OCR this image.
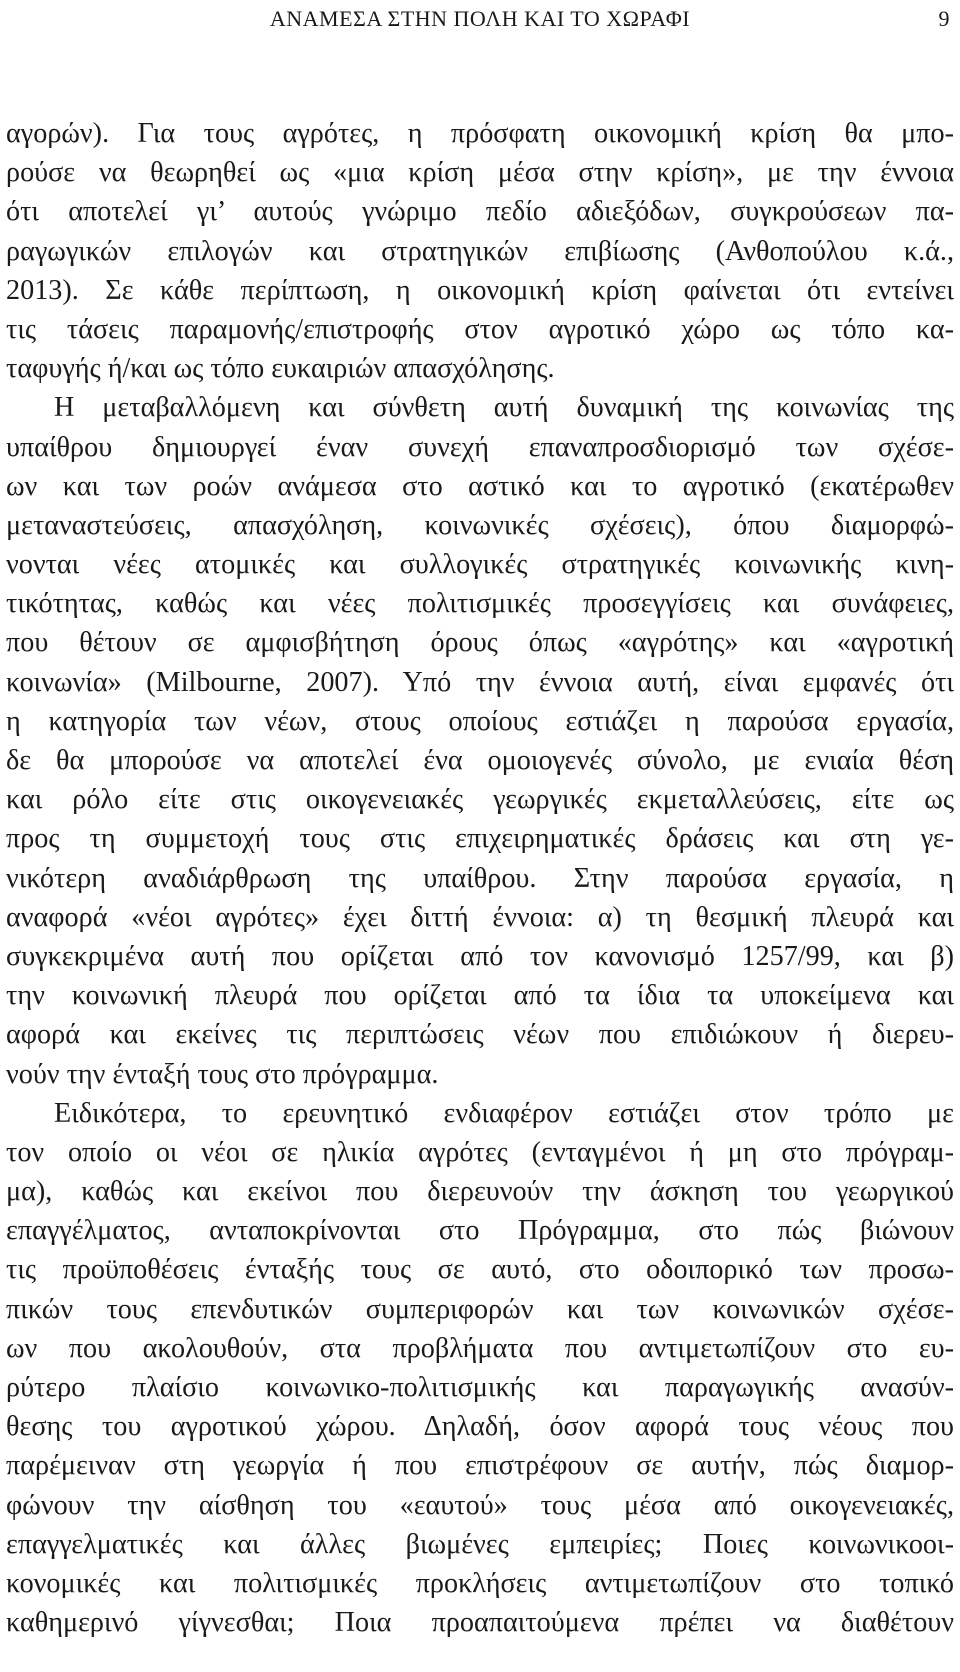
ΑΝΑΜΕΣΑ ΣΤΗΝ ΠΟΛΗ ΚΑΙ ΤΟ ΧΩΡΑΦΙ	9
αγορών). Για τους αγρότες, η πρόσφατη οικονομική κρίση θα μπο-
ρούσε να θεωρηθεί ως «μια κρίση μέσα στην κρίση», με την έννοια
ότι αποτελεί γι’ αυτούς γνώριμο πεδίο αδιεξόδων, συγκρούσεων πα-
ραγωγικών επιλογών και στρατηγικών επιβίωσης (Ανθοπούλου κ.ά.,
2013). Σε κάθε περίπτωση, η οικονομική κρίση φαίνεται ότι εντείνει
τις τάσεις παραμονής/επιστροφής στον αγροτικό χώρο ως τόπο κα-
ταφυγής ή/και ως τόπο ευκαιριών απασχόλησης.
Η μεταβαλλόμενη και σύνθετη αυτή δυναμική της κοινωνίας της
υπαίθρου δημιουργεί έναν συνεχή επαναπροσδιορισμό των σχέσε-
ων και των ροών ανάμεσα στο αστικό και το αγροτικό (εκατέρωθεν
μεταναστεύσεις, απασχόληση, κοινωνικές σχέσεις), όπου διαμορφώ-
νονται νέες ατομικές και συλλογικές στρατηγικές κοινωνικής κινη-
τικότητας, καθώς και νέες πολιτισμικές προσεγγίσεις και συνάφειες,
που θέτουν σε αμφισβήτηση όρους όπως «αγρότης» και «αγροτική
κοινωνία» (Milbourne, 2007). Υπό την έννοια αυτή, είναι εμφανές ότι
η κατηγορία των νέων, στους οποίους εστιάζει η παρούσα εργασία,
δε θα μπορούσε να αποτελεί ένα ομοιογενές σύνολο, με ενιαία θέση
και ρόλο είτε στις οικογενειακές γεωργικές εκμεταλλεύσεις, είτε ως
προς τη συμμετοχή τους στις επιχειρηματικές δράσεις και στη γε-
νικότερη αναδιάρθρωση της υπαίθρου. Στην παρούσα εργασία, η
αναφορά «νέοι αγρότες» έχει διττή έννοια: α) τη θεσμική πλευρά και
συγκεκριμένα αυτή που ορίζεται από τον κανονισμό 1257/99, και β)
την κοινωνική πλευρά που ορίζεται από τα ίδια τα υποκείμενα και
αφορά και εκείνες τις περιπτώσεις νέων που επιδιώκουν ή διερευ-
νούν την ένταξή τους στο πρόγραμμα.
Ειδικότερα, το ερευνητικό ενδιαφέρον εστιάζει στον τρόπο με
τον οποίο οι νέοι σε ηλικία αγρότες (ενταγμένοι ή μη στο πρόγραμ-
μα), καθώς και εκείνοι που διερευνούν την άσκηση του γεωργικού
επαγγέλματος, ανταποκρίνονται στο Πρόγραμμα, στο πώς βιώνουν
τις προϋποθέσεις ένταξής τους σε αυτό, στο οδοιπορικό των προσω-
πικών τους επενδυτικών συμπεριφορών και των κοινωνικών σχέσε-
ων που ακολουθούν, στα προβλήματα που αντιμετωπίζουν στο ευ-
ρύτερο πλαίσιο κοινωνικο-πολιτισμικής και παραγωγικής ανασύν-
θεσης του αγροτικού χώρου. Δηλαδή, όσον αφορά τους νέους που
παρέμειναν στη γεωργία ή που επιστρέφουν σε αυτήν, πώς διαμορ-
φώνουν την αίσθηση του «εαυτού» τους μέσα από οικογενειακές,
επαγγελματικές και άλλες βιωμένες εμπειρίες; Ποιες κοινωνικοοι-
κονομικές και πολιτισμικές προκλήσεις αντιμετωπίζουν στο τοπικό
καθημερινό γίγνεσθαι; Ποια προαπαιτούμενα πρέπει να διαθέτουν
